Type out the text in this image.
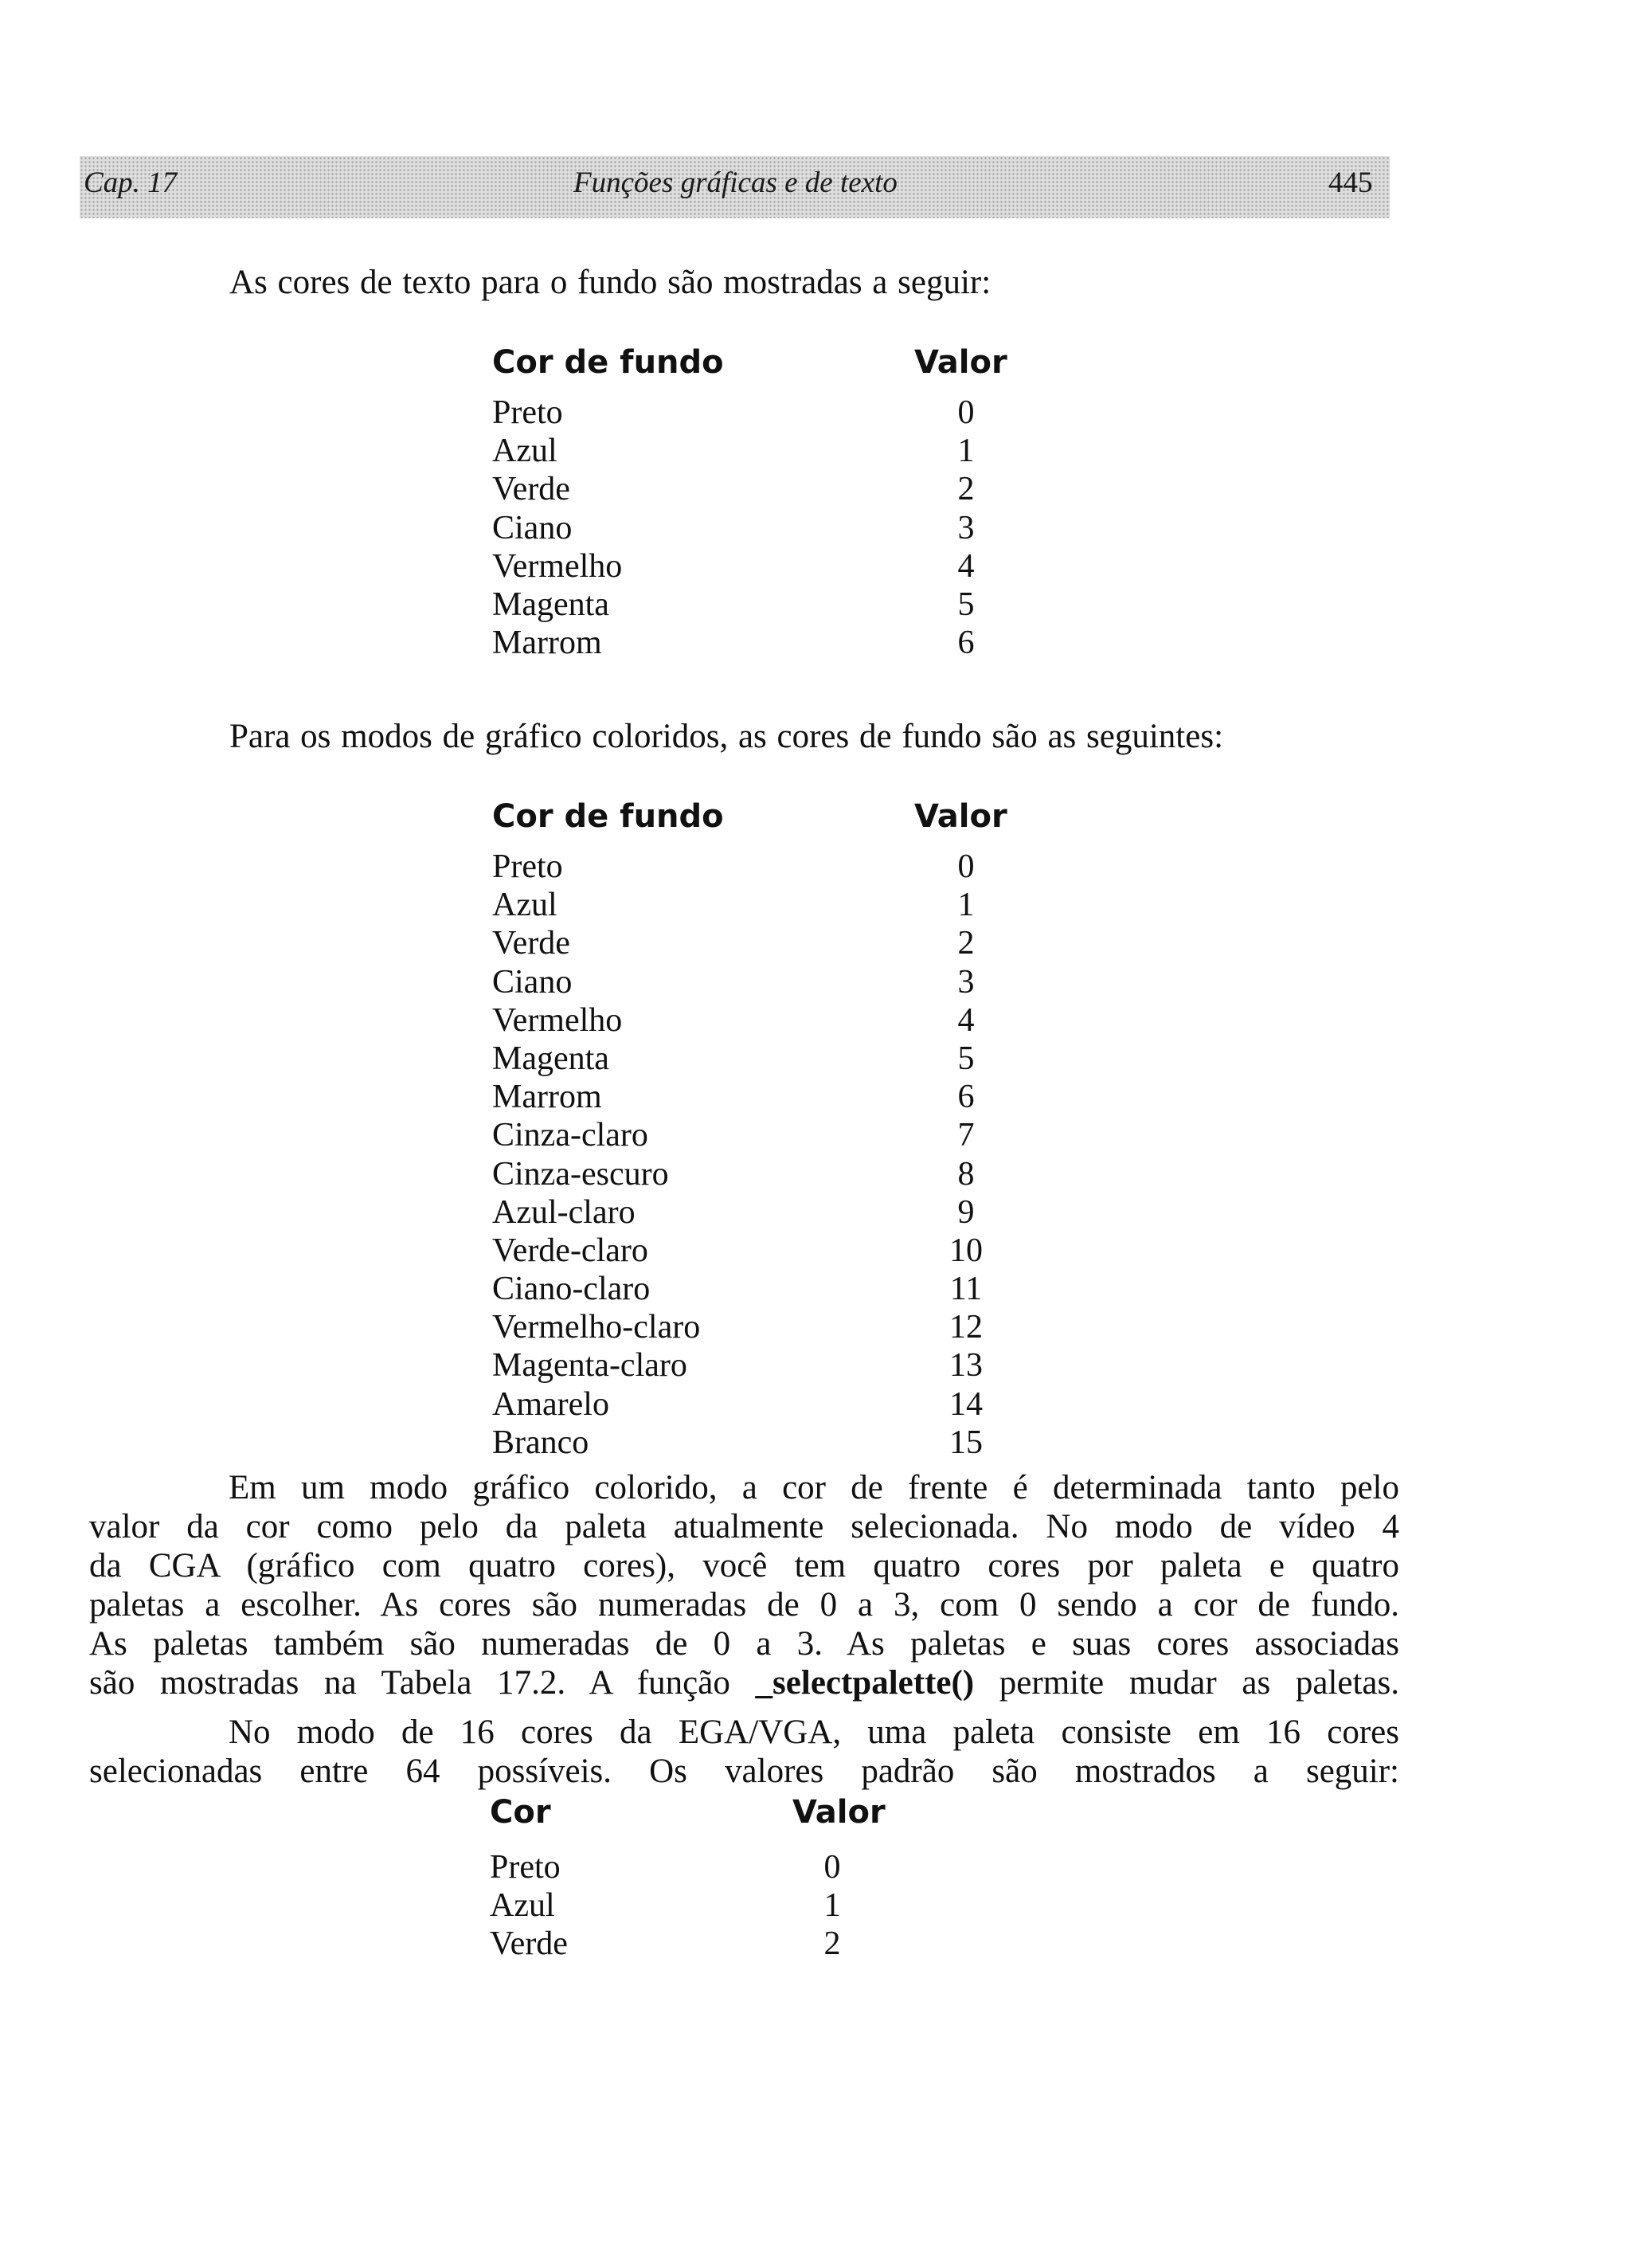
Cap. 17	Funções gráficas e de texto	445
As cores de texto para o fundo são mostradas a seguir:
Cor de fundo	Valor
Preto	0
Azul	1
Verde	2
Ciano	3
Vermelho	4
Magenta	5
Marrom	6
Para os modos de gráfico coloridos, as cores de fundo são as seguintes:
Cor de fundo	Valor
Preto	0
Azul	1
Verde	2
Ciano	3
Vermelho	4
Magenta	5
Marrom	6
Cinza-claro	7
Cinza-escuro	8
Azul-claro	9
Verde-claro	10
Ciano-claro	11
Vermelho-claro	12
Magenta-claro	13
Amarelo	14
Branco	15
Em um modo gráfico colorido, a cor de frente é determinada tanto pelo
valor da cor como pelo da paleta atualmente selecionada. No modo de vídeo 4
da CGA (gráfico com quatro cores), você tem quatro cores por paleta e quatro
paletas a escolher. As cores são numeradas de 0 a 3, com 0 sendo a cor de fundo.
As paletas também são numeradas de 0 a 3. As paletas e suas cores associadas
são mostradas na Tabela 17.2. A função _selectpalette() permite mudar as paletas.
No modo de 16 cores da EGA/VGA, uma paleta consiste em 16 cores
selecionadas entre 64 possíveis. Os valores padrão são mostrados a seguir:
Cor	Valor
Preto	0
Azul	1
Verde	2
